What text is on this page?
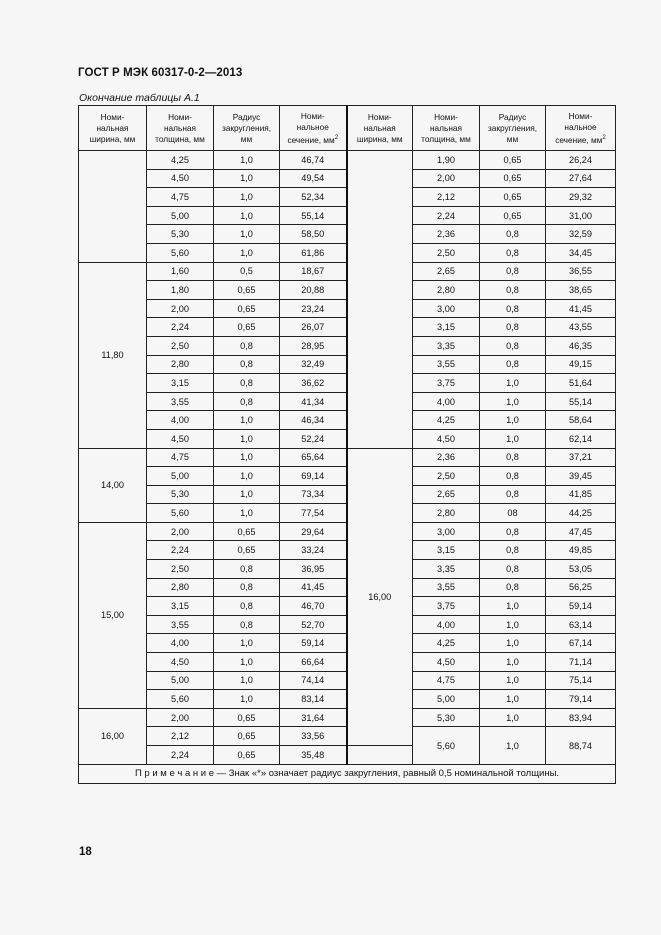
ГОСТ Р МЭК 60317-0-2—2013
Окончание таблицы А.1
Номи-
нальная
ширина, мм	Номи-
нальная
толщина, мм	Радиус
закругления,
мм	Номи-
нальное
сечение, $мм^2$	Номи-
нальная
ширина, мм	Номи-
нальная
толщина, мм	Радиус
закругления,
мм	Номи-
нальное
сечение, $мм^2$
	4,25	1,0	46,74		1,90	0,65	26,24
	4,50	1,0	49,54		2,00	0,65	27,64
	4,75	1,0	52,34		2,12	0,65	29,32
	5,00	1,0	55,14		2,24	0,65	31,00
	5,30	1,0	58,50		2,36	0,8	32,59
	5,60	1,0	61,86		2,50	0,8	34,45
11,80	1,60	0,5	18,67		2,65	0,8	36,55
	1,80	0,65	20,88		2,80	0,8	38,65
	2,00	0,65	23,24		3,00	0,8	41,45
	2,24	0,65	26,07		3,15	0,8	43,55
	2,50	0,8	28,95		3,35	0,8	46,35
	2,80	0,8	32,49		3,55	0,8	49,15
	3,15	0,8	36,62		3,75	1,0	51,64
	3,55	0,8	41,34		4,00	1,0	55,14
	4,00	1,0	46,34		4,25	1,0	58,64
	4,50	1,0	52,24		4,50	1,0	62,14
14,00	4,75	1,0	65,64	16,00	2,36	0,8	37,21
	5,00	1,0	69,14		2,50	0,8	39,45
	5,30	1,0	73,34		2,65	0,8	41,85
	5,60	1,0	77,54		2,80	08	44,25
15,00	2,00	0,65	29,64		3,00	0,8	47,45
	2,24	0,65	33,24		3,15	0,8	49,85
	2,50	0,8	36,95		3,35	0,8	53,05
	2,80	0,8	41,45		3,55	0,8	56,25
	3,15	0,8	46,70		3,75	1,0	59,14
	3,55	0,8	52,70		4,00	1,0	63,14
	4,00	1,0	59,14		4,25	1,0	67,14
	4,50	1,0	66,64		4,50	1,0	71,14
	5,00	1,0	74,14		4,75	1,0	75,14
	5,60	1,0	83,14		5,00	1,0	79,14
16,00	2,00	0,65	31,64		5,30	1,0	83,94
	2,12	0,65	33,56		5,60	1,0	88,74
	2,24	0,65	35,48				
П р и м е ч а н и е — Знак «*» означает радиус закругления, равный 0,5 номинальной толщины.							
18
